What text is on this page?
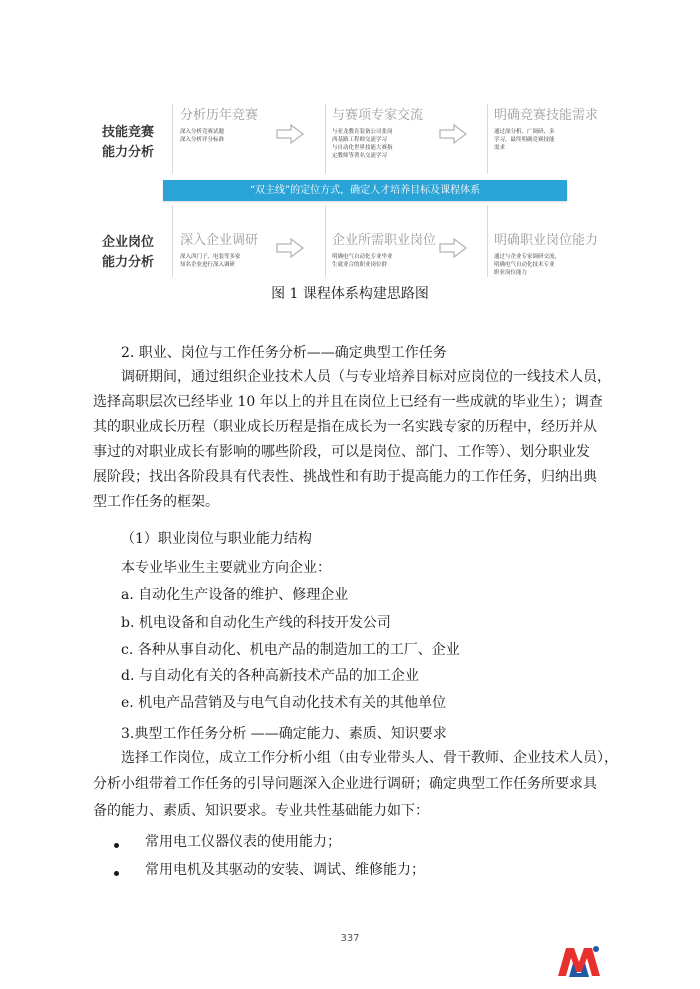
技能竞赛
能力分析
企业岗位
能力分析
分析历年竞赛
深入分析竞赛试题
深入分析评分标准
与赛项专家交流
与亚龙教育装备公司张岗
西基路工程师交流学习
与自动化世界技能大赛指
定教师等著名交流学习
明确竞赛技能需求
通过深分析、广调研、多
学习，最终明确竞赛技能
需求
“双主线”的定位方式，确定人才培养目标及课程体系
深入企业调研
深入西门子、电装等多家
知名企业进行深入调研
企业所需职业岗位
明确电气自动化专业毕业
生就业合的职业岗位群
明确职业岗位能力
通过与企业专家调研交流，
明确电气自动化技术专业
职业岗位能力
图 1 课程体系构建思路图
2. 职业、岗位与工作任务分析——确定典型工作任务
调研期间，通过组织企业技术人员（与专业培养目标对应岗位的一线技术人员，
选择高职层次已经毕业 10 年以上的并且在岗位上已经有一些成就的毕业生）；调查
其的职业成长历程（职业成长历程是指在成长为一名实践专家的历程中，经历并从
事过的对职业成长有影响的哪些阶段，可以是岗位、部门、工作等）、划分职业发
展阶段；找出各阶段具有代表性、挑战性和有助于提高能力的工作任务，归纳出典
型工作任务的框架。
（1）职业岗位与职业能力结构
本专业毕业生主要就业方向企业：
a. 自动化生产设备的维护、修理企业
b. 机电设备和自动化生产线的科技开发公司
c. 各种从事自动化、机电产品的制造加工的工厂、企业
d. 与自动化有关的各种高新技术产品的加工企业
e. 机电产品营销及与电气自动化技术有关的其他单位
3.典型工作任务分析 ——确定能力、素质、知识要求
选择工作岗位，成立工作分析小组（由专业带头人、骨干教师、企业技术人员），
分析小组带着工作任务的引导问题深入企业进行调研；确定典型工作任务所要求具
备的能力、素质、知识要求。专业共性基础能力如下：
常用电工仪器仪表的使用能力；
常用电机及其驱动的安装、调试、维修能力；
337
